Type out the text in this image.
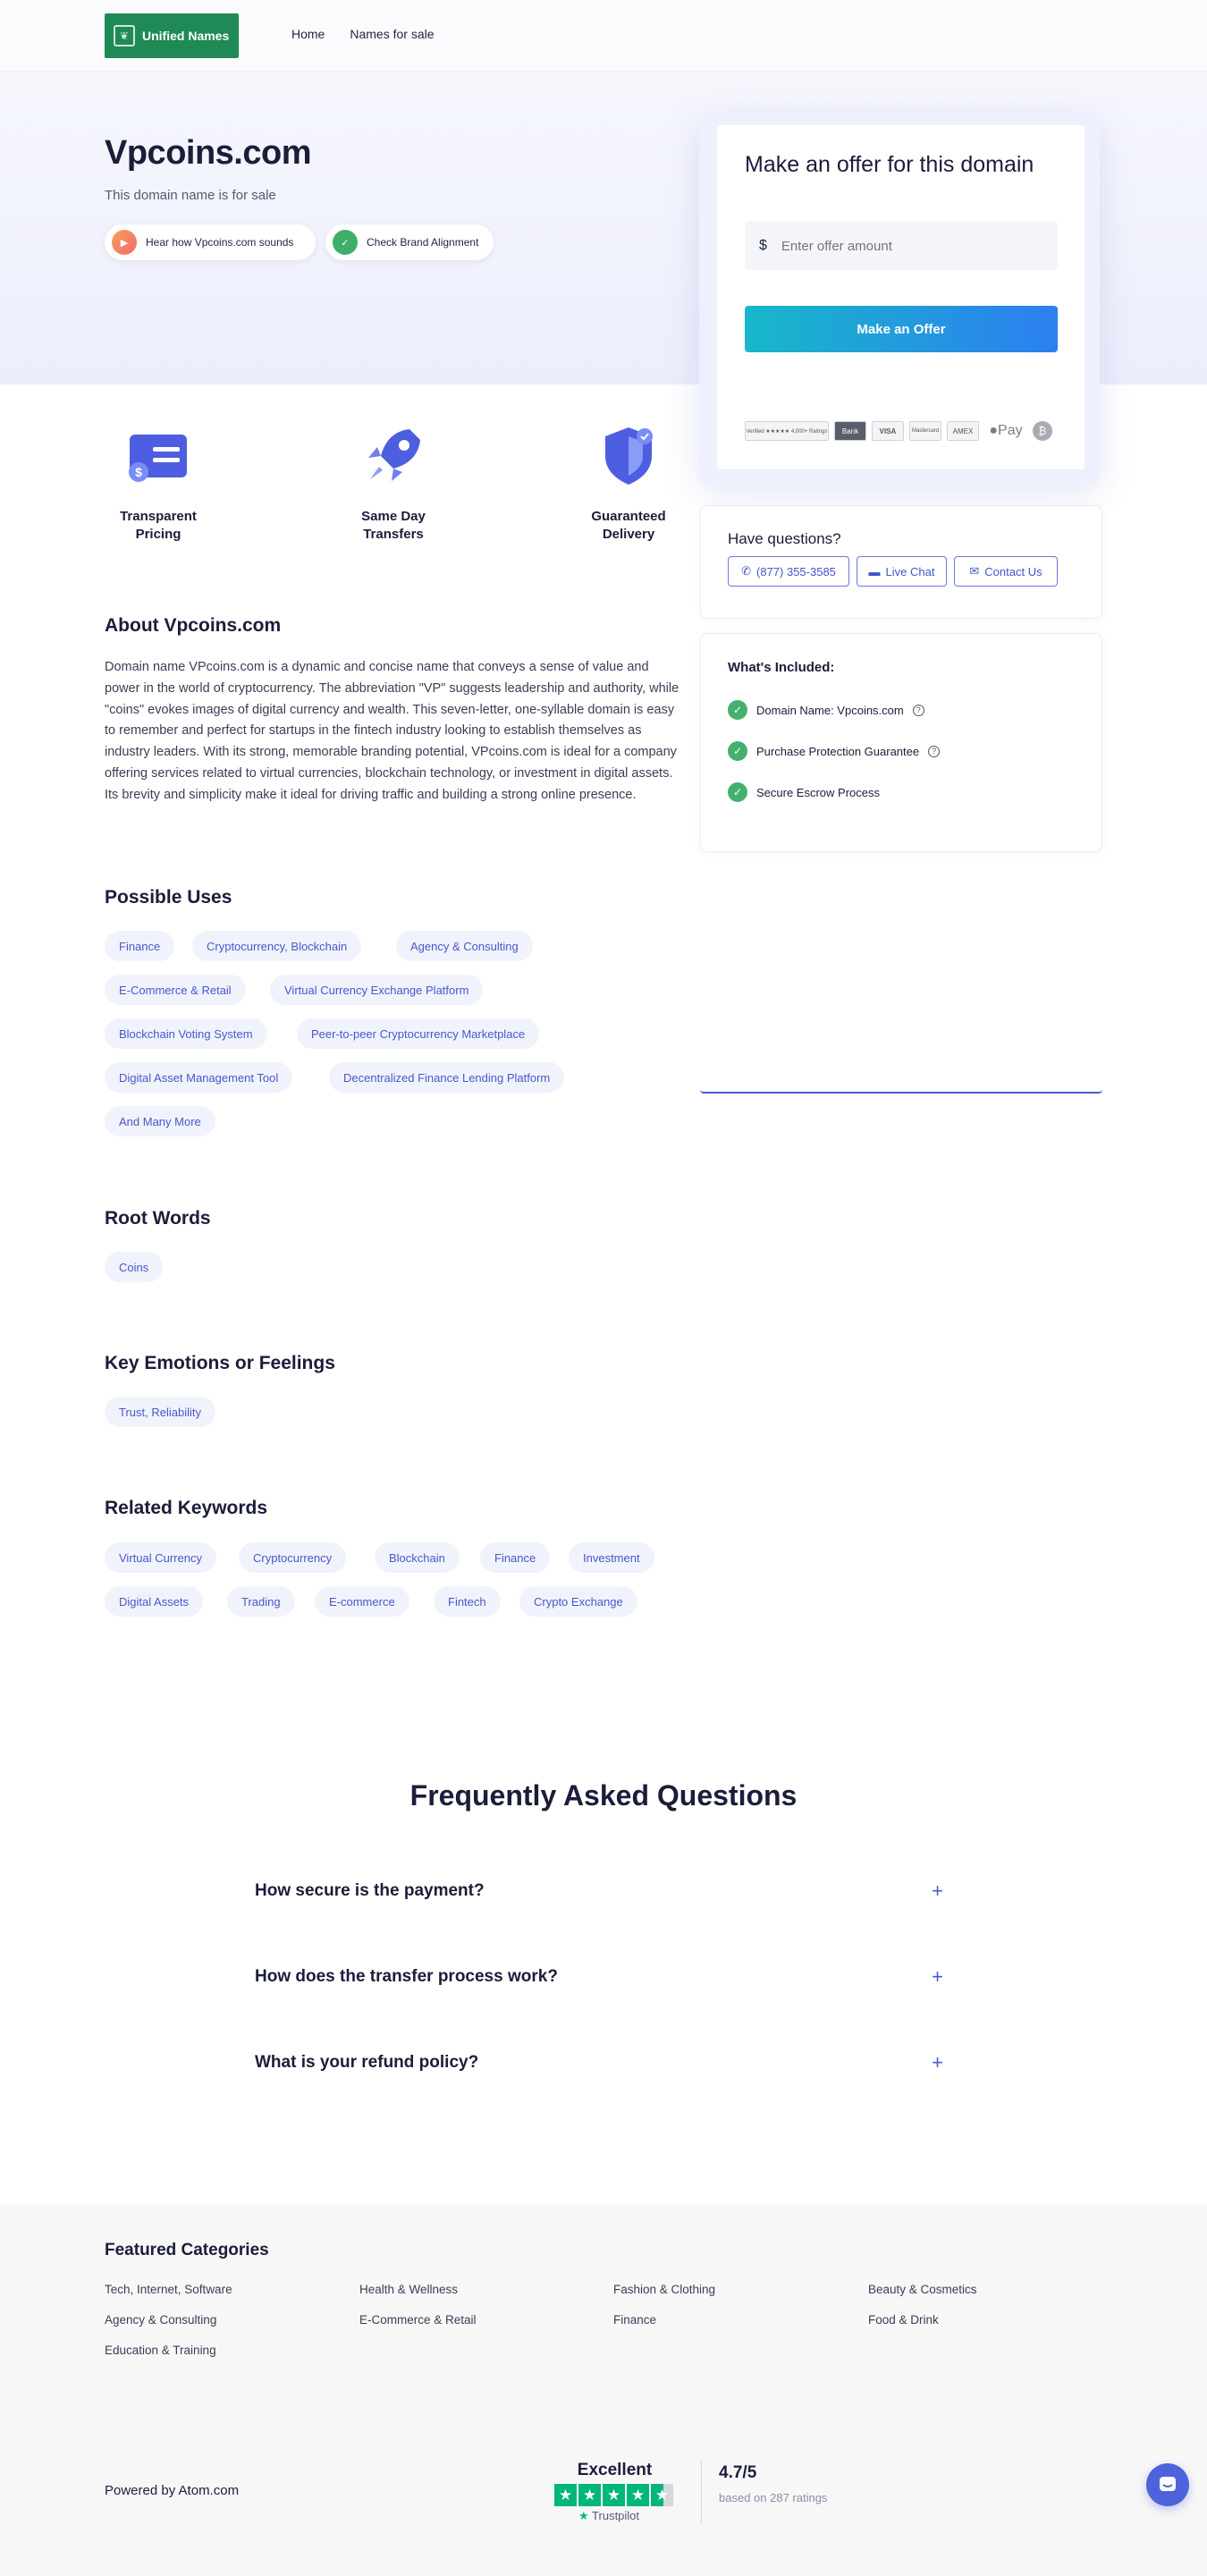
❦	Unified Names	Home Names for sale
Vpcoins.com
This domain name is for sale
▶	Hear how Vpcoins.com sounds	✓	Check Brand Alignment
Make an offer for this domain
$
Enter offer amount
Make an Offer
Verified ★★★★★ 4,000+ Ratings	Bank	VISA	Mastercard	AMEX	● Pay	₿
$
Transparent Pricing
Same Day Transfers
Guaranteed Delivery	Have questions?
✆ (877) 355-3585	▬ Live Chat	✉ Contact Us
What's Included:
✓	Domain Name: Vpcoins.com	?
✓	Purchase Protection Guarantee	?
✓	Secure Escrow Process
About Vpcoins.com
Domain name VPcoins.com is a dynamic and concise name that conveys a sense of value and power in the world of cryptocurrency. The abbreviation "VP" suggests leadership and authority, while "coins" evokes images of digital currency and wealth. This seven-letter, one-syllable domain is easy to remember and perfect for startups in the fintech industry looking to establish themselves as industry leaders. With its strong, memorable branding potential, VPcoins.com is ideal for a company offering services related to virtual currencies, blockchain technology, or investment in digital assets. Its brevity and simplicity make it ideal for driving traffic and building a strong online presence.
Possible Uses
Finance	Cryptocurrency, Blockchain	Agency & Consulting
E-Commerce & Retail	Virtual Currency Exchange Platform
Blockchain Voting System	Peer-to-peer Cryptocurrency Marketplace
Digital Asset Management Tool	Decentralized Finance Lending Platform
And Many More
Root Words
Coins
Key Emotions or Feelings
Trust, Reliability
Related Keywords
Virtual Currency	Cryptocurrency	Blockchain	Finance	Investment
Digital Assets	Trading	E-commerce	Fintech	Crypto Exchange
Frequently Asked Questions
How secure is the payment?	+
How does the transfer process work?	+
What is your refund policy?	+
Featured Categories
Tech, Internet, Software	Health & Wellness	Fashion & Clothing	Beauty & Cosmetics
Agency & Consulting	E-Commerce & Retail	Finance	Food & Drink
Education & Training
Powered by Atom.com
Excellent
★ ★ ★ ★ ★
★ Trustpilot
4.7/5
based on 287 ratings
